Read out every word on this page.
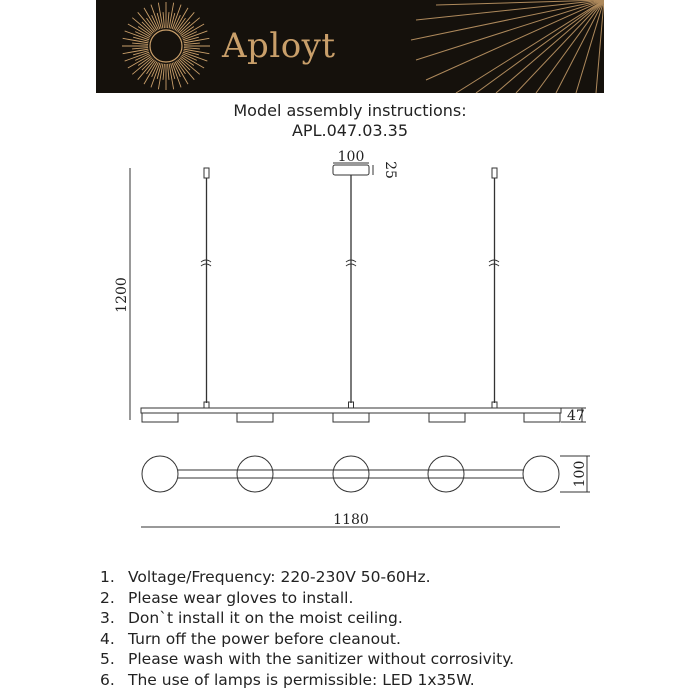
Aployt
Model assembly instructions:
APL.047.03.35
100
25
1200
47
100
1180
1. Voltage/Frequency: 220-230V 50-60Hz.
2. Please wear gloves to install.
3. Don`t install it on the moist ceiling.
4. Turn off the power before cleanout.
5. Please wash with the sanitizer without corrosivity.
6. The use of lamps is permissible: LED 1x35W.
